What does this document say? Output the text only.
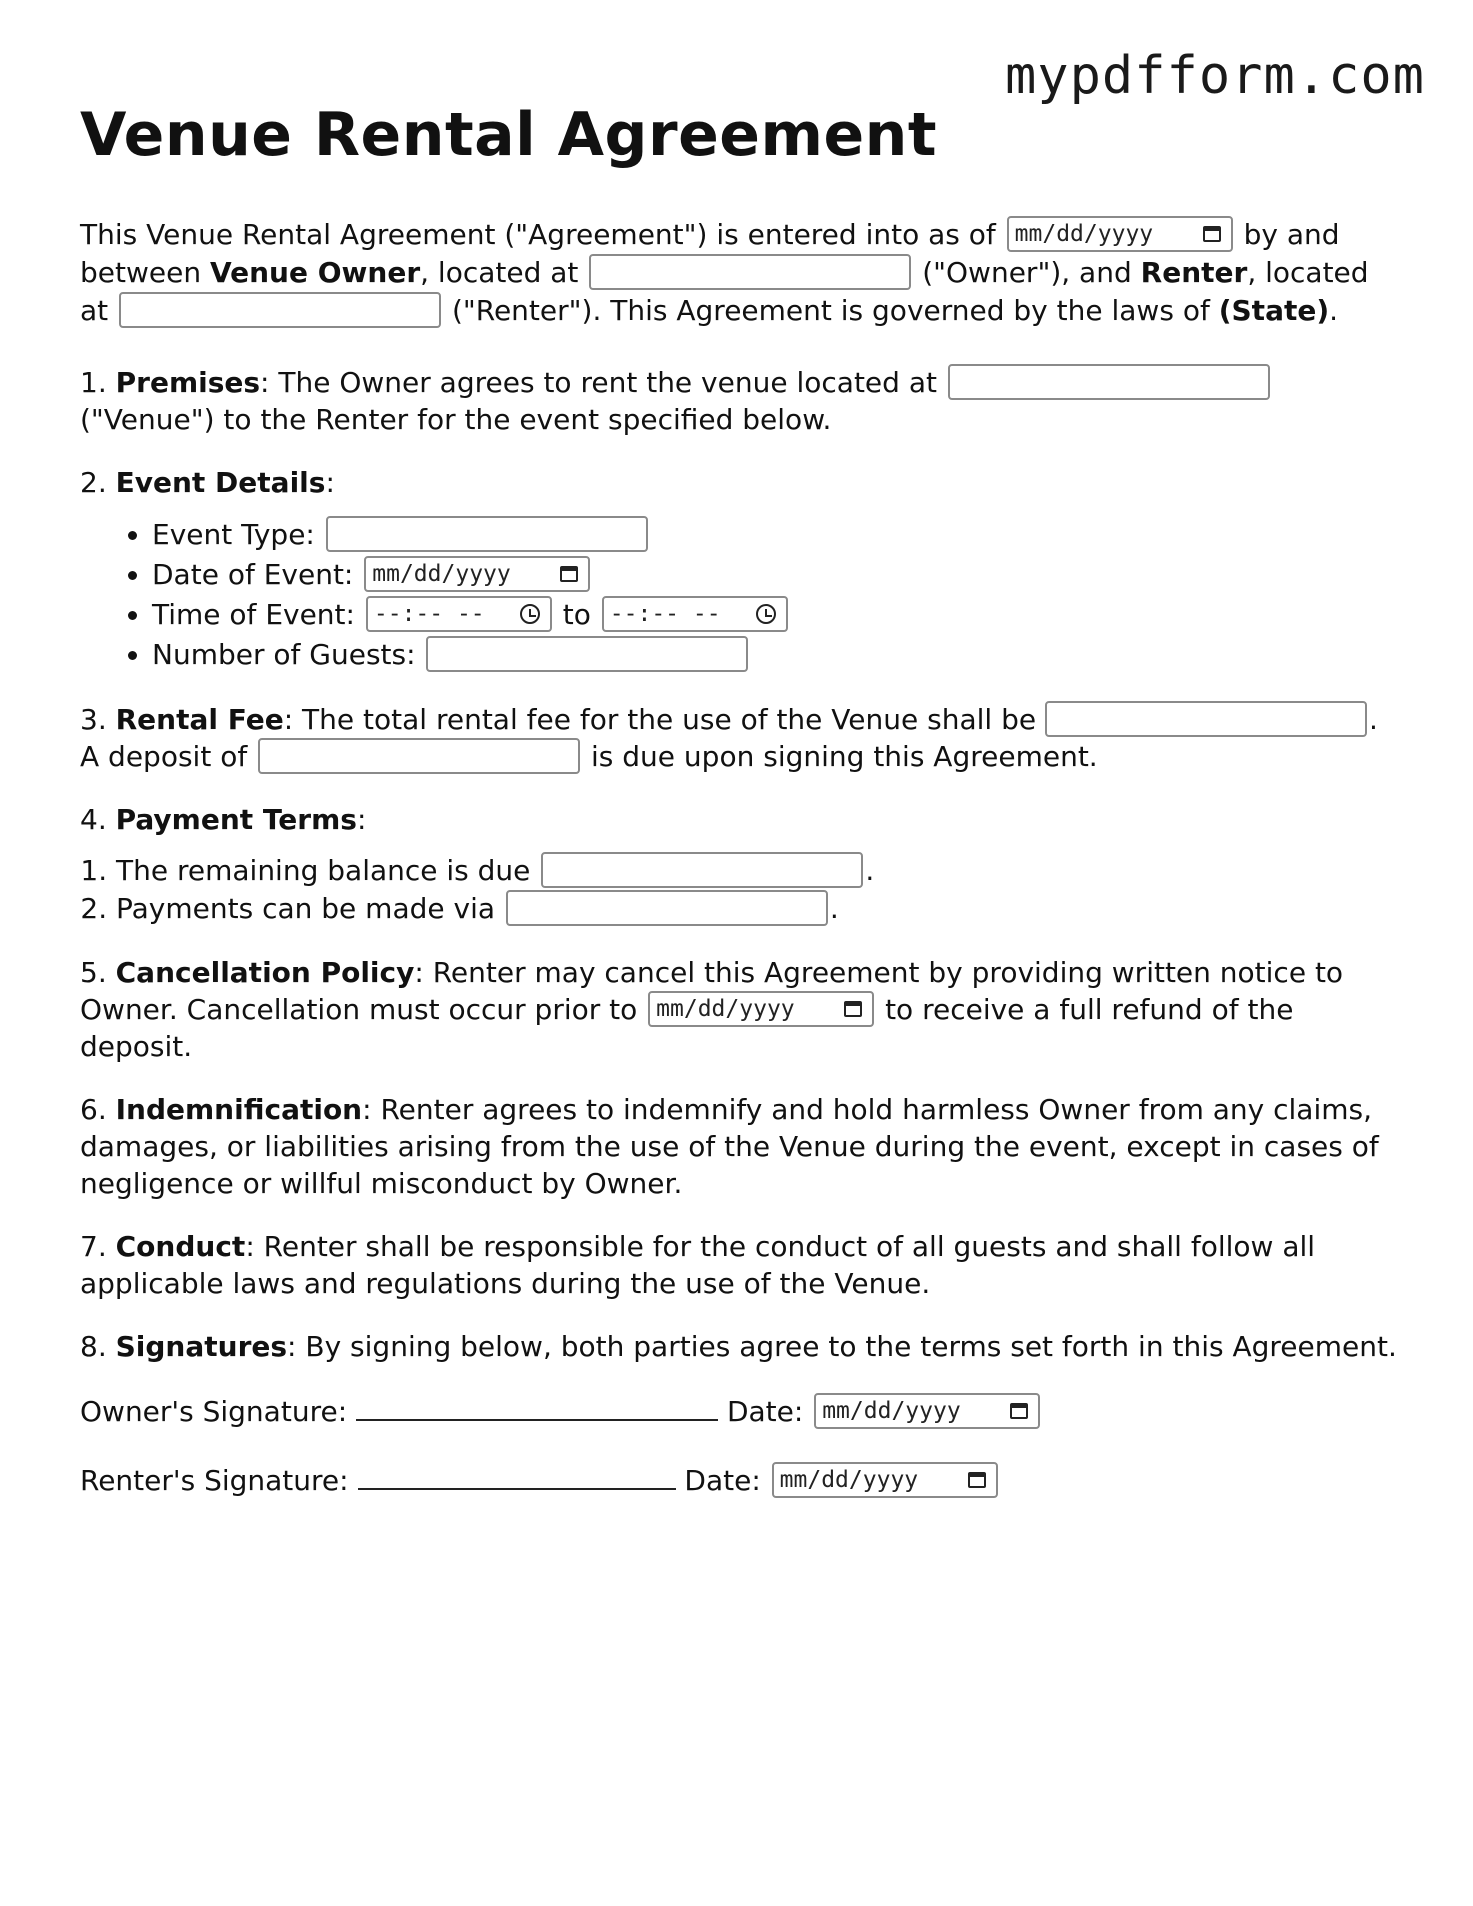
mypdfform.com
Venue Rental Agreement

This Venue Rental Agreement ("Agreement") is entered into as of mm/dd/yyyy	by and between Venue Owner, located at	("Owner"), and Renter, located at	("Renter"). This Agreement is governed by the laws of (State).

1. Premises: The Owner agrees to rent the venue located at  ("Venue") to the Renter for the event specified below.

2. Event Details:

• Event Type:
• Date of Event: mm/dd/yyyy
• Time of Event: --:-- --	to --:-- --
• Number of Guests:

3. Rental Fee: The total rental fee for the use of the Venue shall be	. A deposit of	is due upon signing this Agreement.

4. Payment Terms:

1. The remaining balance is due	.
2. Payments can be made via	.

5. Cancellation Policy: Renter may cancel this Agreement by providing written notice to Owner. Cancellation must occur prior to mm/dd/yyyy	to receive a full refund of the deposit.

6. Indemnification: Renter agrees to indemnify and hold harmless Owner from any claims, damages, or liabilities arising from the use of the Venue during the event, except in cases of negligence or willful misconduct by Owner.

7. Conduct: Renter shall be responsible for the conduct of all guests and shall follow all applicable laws and regulations during the use of the Venue.

8. Signatures: By signing below, both parties agree to the terms set forth in this Agreement.

Owner's Signature:	Date: mm/dd/yyyy
Renter's Signature:	Date: mm/dd/yyyy
